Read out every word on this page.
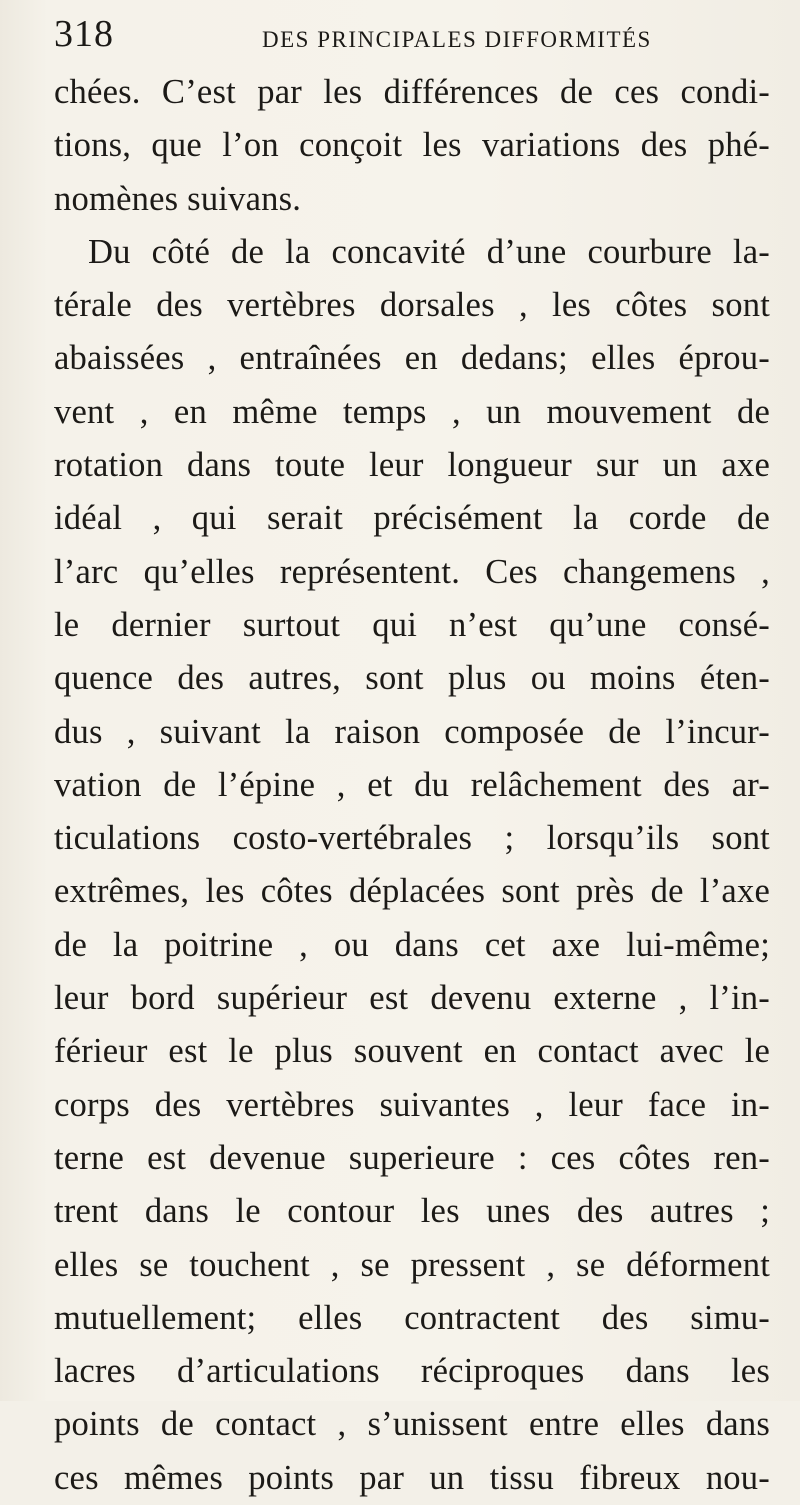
318	DES PRINCIPALES DIFFORMITÉS
chées. C’est par les différences de ces condi-
tions, que l’on conçoit les variations des phé-
nomènes suivans.
Du côté de la concavité d’une courbure la-
térale des vertèbres dorsales , les côtes sont
abaissées , entraînées en dedans; elles éprou-
vent , en même temps , un mouvement de
rotation dans toute leur longueur sur un axe
idéal , qui serait précisément la corde de
l’arc qu’elles représentent. Ces changemens ,
le dernier surtout qui n’est qu’une consé-
quence des autres, sont plus ou moins éten-
dus , suivant la raison composée de l’incur-
vation de l’épine , et du relâchement des ar-
ticulations costo-vertébrales ; lorsqu’ils sont
extrêmes, les côtes déplacées sont près de l’axe
de la poitrine , ou dans cet axe lui-même;
leur bord supérieur est devenu externe , l’in-
férieur est le plus souvent en contact avec le
corps des vertèbres suivantes , leur face in-
terne est devenue superieure : ces côtes ren-
trent dans le contour les unes des autres ;
elles se touchent , se pressent , se déforment
mutuellement; elles contractent des simu-
lacres d’articulations réciproques dans les
points de contact , s’unissent entre elles dans
ces mêmes points par un tissu fibreux nou-
